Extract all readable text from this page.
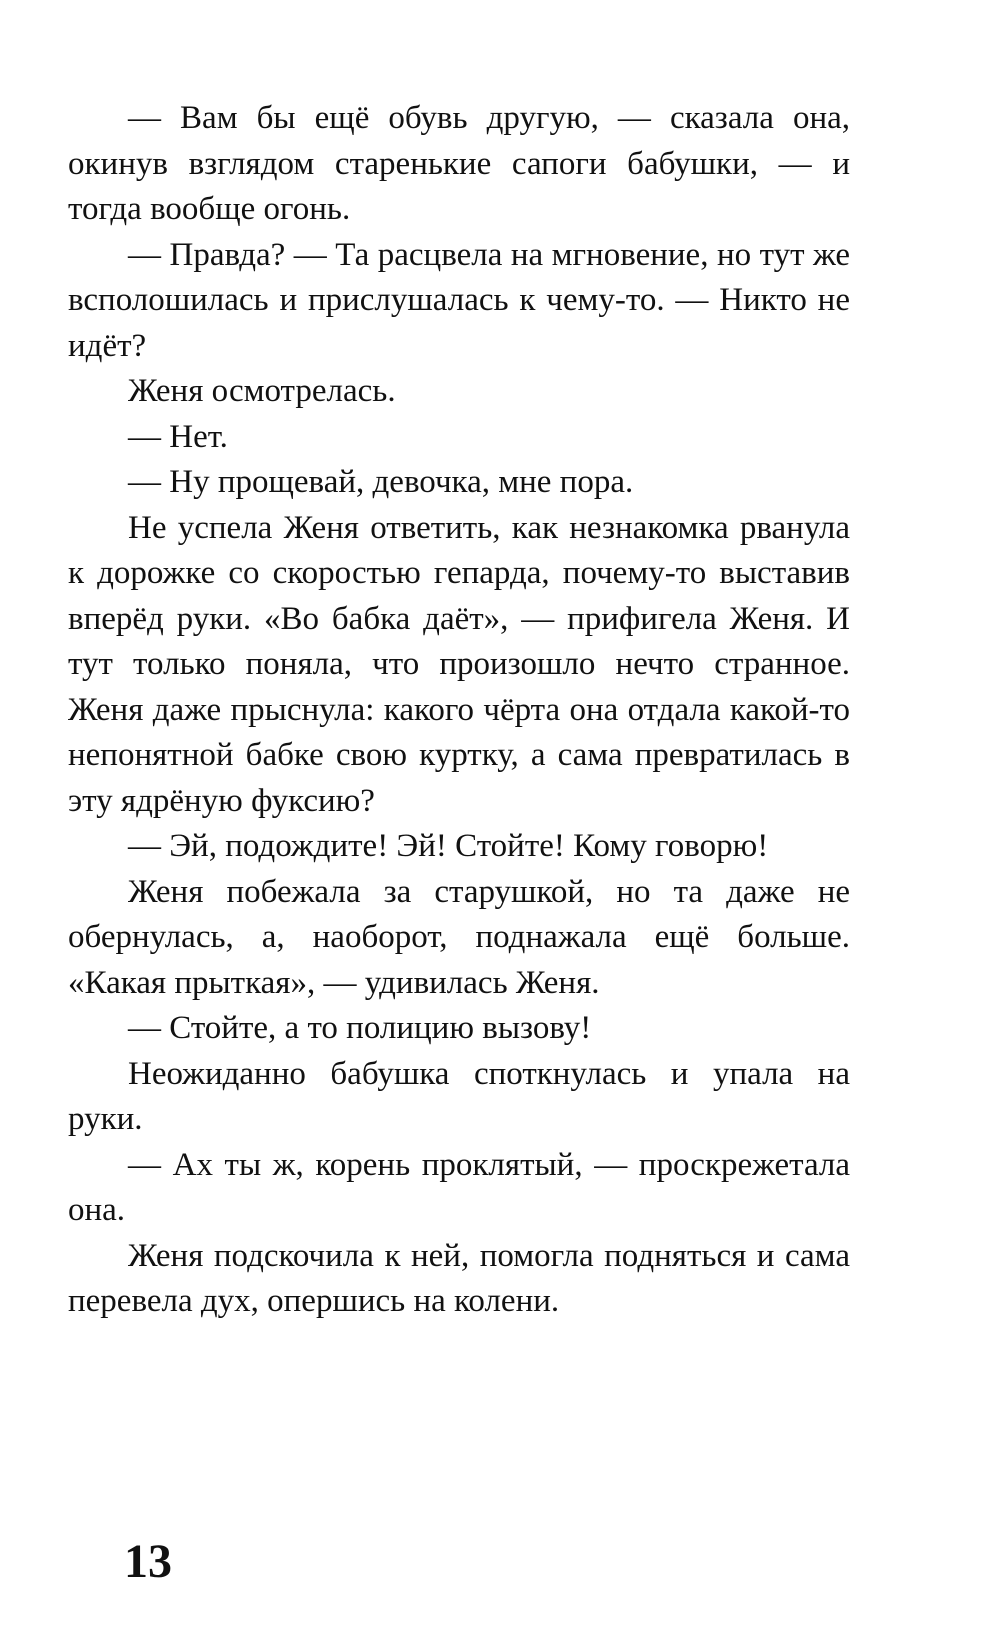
— Вам бы ещё обувь другую, — сказала она, окинув взглядом старенькие сапоги бабушки, — и тогда вообще огонь.

— Правда? — Та расцвела на мгновение, но тут же всполошилась и прислушалась к чему-то. — Никто не идёт?

Женя осмотрелась.

— Нет.

— Ну прощевай, девочка, мне пора.

Не успела Женя ответить, как незнакомка рванула к дорожке со скоростью гепарда, почему-то выставив вперёд руки. «Во бабка даёт», — прифигела Женя. И тут только поняла, что произошло нечто странное. Женя даже прыснула: какого чёрта она отдала какой-то непонятной бабке свою куртку, а сама превратилась в эту ядрёную фуксию?

— Эй, подождите! Эй! Стойте! Кому говорю!

Женя побежала за старушкой, но та даже не обернулась, а, наоборот, поднажала ещё больше. «Какая прыткая», — удивилась Женя.

— Стойте, а то полицию вызову!

Неожиданно бабушка споткнулась и упала на руки.

— Ах ты ж, корень проклятый, — проскрежетала она.

Женя подскочила к ней, помогла подняться и сама перевела дух, опершись на колени.

13
